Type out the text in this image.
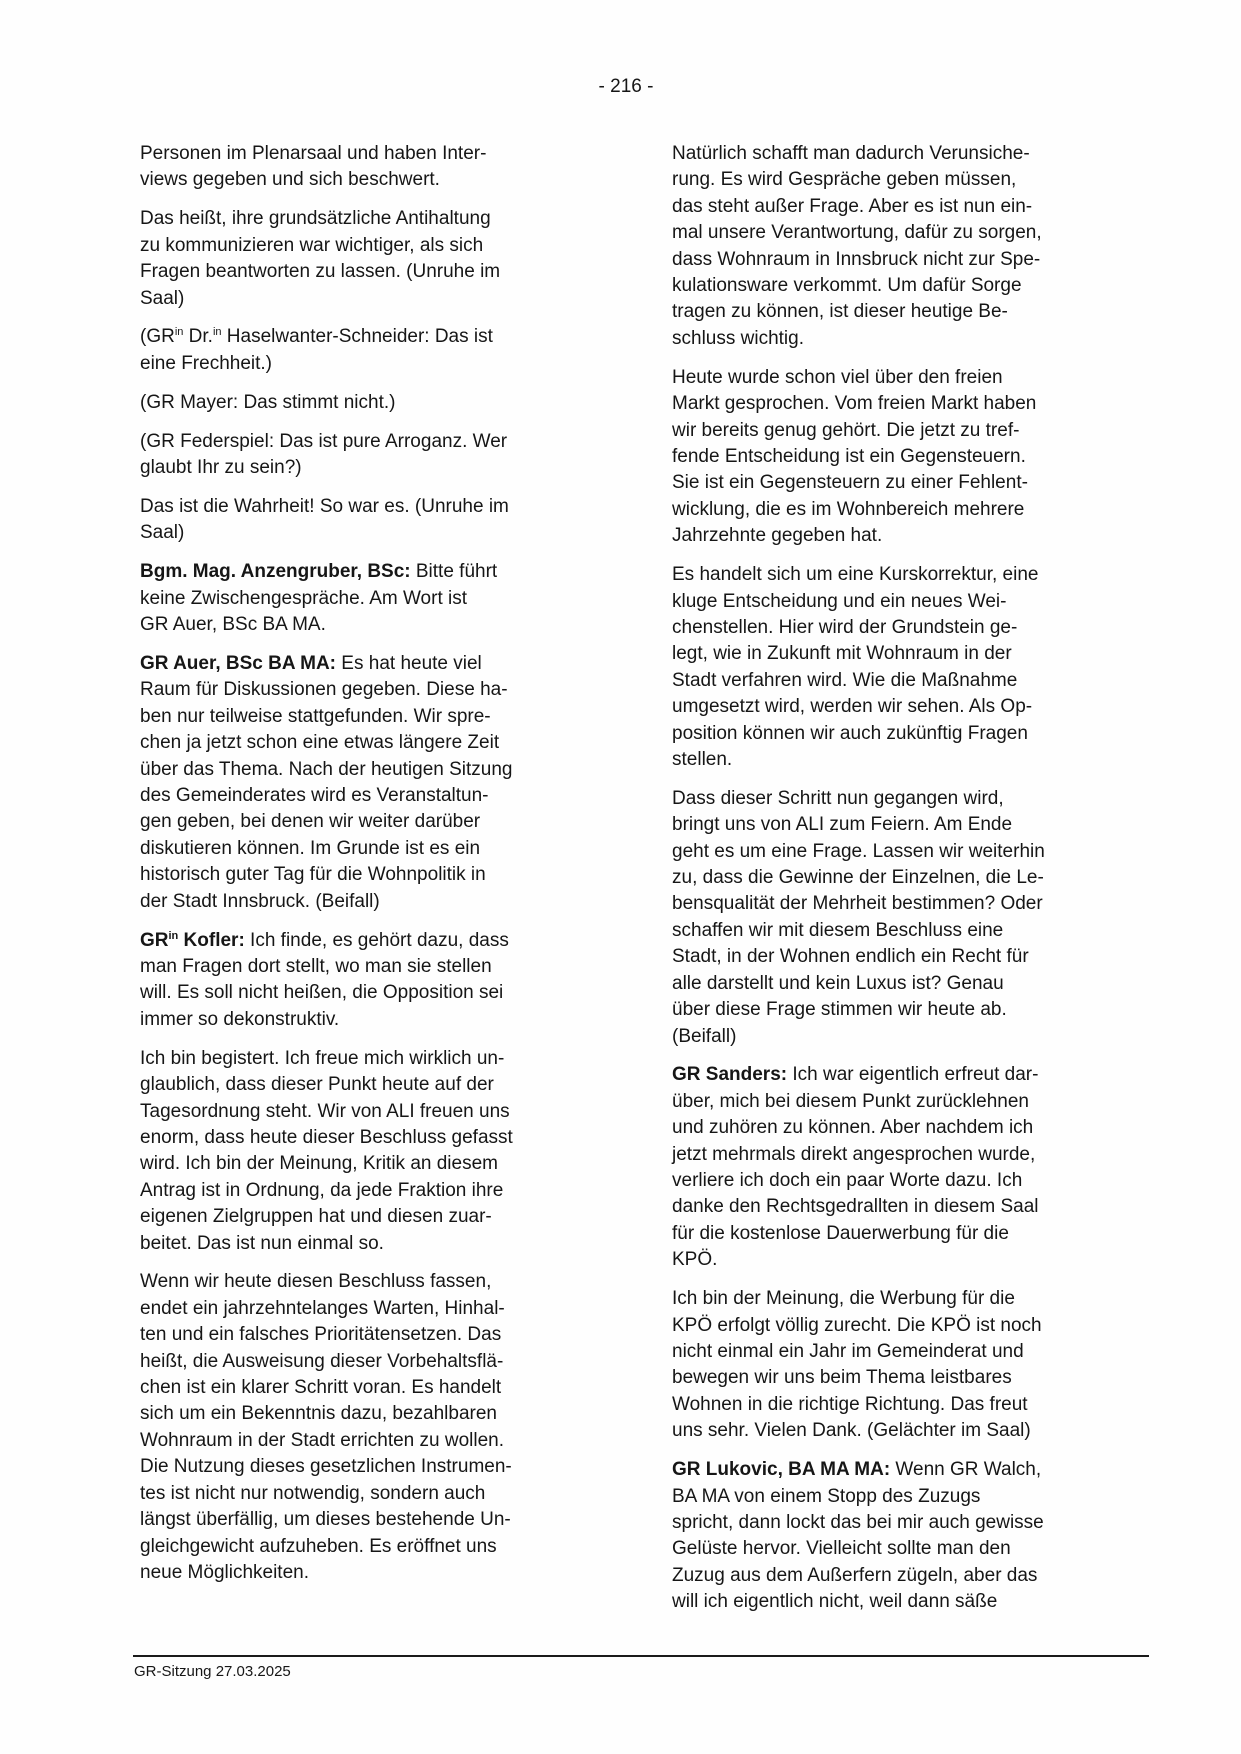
- 216 -

Personen im Plenarsaal und haben Inter-
views gegeben und sich beschwert.

Das heißt, ihre grundsätzliche Antihaltung
zu kommunizieren war wichtiger, als sich
Fragen beantworten zu lassen. (Unruhe im
Saal)

($GR^{in}$ Dr.$^{in}$ Haselwanter-Schneider: Das ist
eine Frechheit.)

(GR Mayer: Das stimmt nicht.)

(GR Federspiel: Das ist pure Arroganz. Wer
glaubt Ihr zu sein?)

Das ist die Wahrheit! So war es. (Unruhe im
Saal)

Bgm. Mag. Anzengruber, BSc: Bitte führt
keine Zwischengespräche. Am Wort ist
GR Auer, BSc BA MA.

GR Auer, BSc BA MA: Es hat heute viel
Raum für Diskussionen gegeben. Diese ha-
ben nur teilweise stattgefunden. Wir spre-
chen ja jetzt schon eine etwas längere Zeit
über das Thema. Nach der heutigen Sitzung
des Gemeinderates wird es Veranstaltun-
gen geben, bei denen wir weiter darüber
diskutieren können. Im Grunde ist es ein
historisch guter Tag für die Wohnpolitik in
der Stadt Innsbruck. (Beifall)

$GR^{in}$ Kofler: Ich finde, es gehört dazu, dass
man Fragen dort stellt, wo man sie stellen
will. Es soll nicht heißen, die Opposition sei
immer so dekonstruktiv.

Ich bin begistert. Ich freue mich wirklich un-
glaublich, dass dieser Punkt heute auf der
Tagesordnung steht. Wir von ALI freuen uns
enorm, dass heute dieser Beschluss gefasst
wird. Ich bin der Meinung, Kritik an diesem
Antrag ist in Ordnung, da jede Fraktion ihre
eigenen Zielgruppen hat und diesen zuar-
beitet. Das ist nun einmal so.

Wenn wir heute diesen Beschluss fassen,
endet ein jahrzehntelanges Warten, Hinhal-
ten und ein falsches Prioritätensetzen. Das
heißt, die Ausweisung dieser Vorbehaltsflä-
chen ist ein klarer Schritt voran. Es handelt
sich um ein Bekenntnis dazu, bezahlbaren
Wohnraum in der Stadt errichten zu wollen.
Die Nutzung dieses gesetzlichen Instrumen-
tes ist nicht nur notwendig, sondern auch
längst überfällig, um dieses bestehende Un-
gleichgewicht aufzuheben. Es eröffnet uns
neue Möglichkeiten.

Natürlich schafft man dadurch Verunsiche-
rung. Es wird Gespräche geben müssen,
das steht außer Frage. Aber es ist nun ein-
mal unsere Verantwortung, dafür zu sorgen,
dass Wohnraum in Innsbruck nicht zur Spe-
kulationsware verkommt. Um dafür Sorge
tragen zu können, ist dieser heutige Be-
schluss wichtig.

Heute wurde schon viel über den freien
Markt gesprochen. Vom freien Markt haben
wir bereits genug gehört. Die jetzt zu tref-
fende Entscheidung ist ein Gegensteuern.
Sie ist ein Gegensteuern zu einer Fehlent-
wicklung, die es im Wohnbereich mehrere
Jahrzehnte gegeben hat.

Es handelt sich um eine Kurskorrektur, eine
kluge Entscheidung und ein neues Wei-
chenstellen. Hier wird der Grundstein ge-
legt, wie in Zukunft mit Wohnraum in der
Stadt verfahren wird. Wie die Maßnahme
umgesetzt wird, werden wir sehen. Als Op-
position können wir auch zukünftig Fragen
stellen.

Dass dieser Schritt nun gegangen wird,
bringt uns von ALI zum Feiern. Am Ende
geht es um eine Frage. Lassen wir weiterhin
zu, dass die Gewinne der Einzelnen, die Le-
bensqualität der Mehrheit bestimmen? Oder
schaffen wir mit diesem Beschluss eine
Stadt, in der Wohnen endlich ein Recht für
alle darstellt und kein Luxus ist? Genau
über diese Frage stimmen wir heute ab.
(Beifall)

GR Sanders: Ich war eigentlich erfreut dar-
über, mich bei diesem Punkt zurücklehnen
und zuhören zu können. Aber nachdem ich
jetzt mehrmals direkt angesprochen wurde,
verliere ich doch ein paar Worte dazu. Ich
danke den Rechtsgedrallten in diesem Saal
für die kostenlose Dauerwerbung für die
KPÖ.

Ich bin der Meinung, die Werbung für die
KPÖ erfolgt völlig zurecht. Die KPÖ ist noch
nicht einmal ein Jahr im Gemeinderat und
bewegen wir uns beim Thema leistbares
Wohnen in die richtige Richtung. Das freut
uns sehr. Vielen Dank. (Gelächter im Saal)

GR Lukovic, BA MA MA: Wenn GR Walch,
BA MA von einem Stopp des Zuzugs
spricht, dann lockt das bei mir auch gewisse
Gelüste hervor. Vielleicht sollte man den
Zuzug aus dem Außerfern zügeln, aber das
will ich eigentlich nicht, weil dann säße

GR-Sitzung 27.03.2025
